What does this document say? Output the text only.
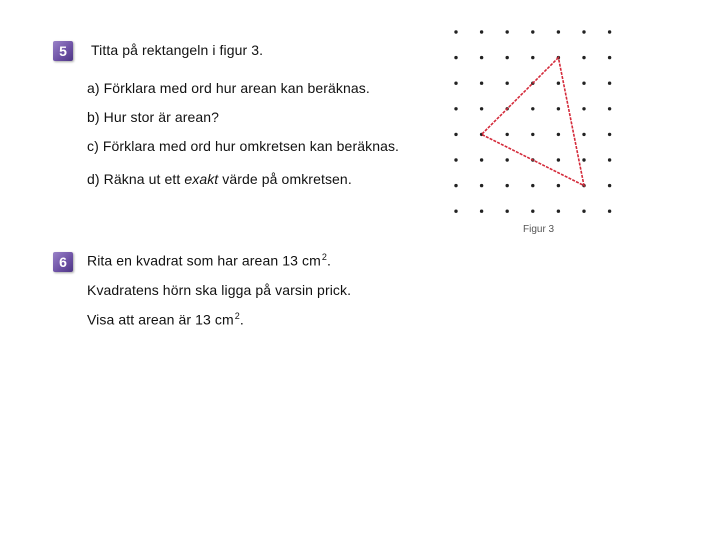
5 Titta på rektangeln i figur 3.
a) Förklara med ord hur arean kan beräknas.
b) Hur stor är arean?
c) Förklara med ord hur omkretsen kan beräknas.
d) Räkna ut ett exakt värde på omkretsen.
Figur 3
6 Rita en kvadrat som har arean 13 $cm^2$.
Kvadratens hörn ska ligga på varsin prick.
Visa att arean är 13 $cm^2$.
